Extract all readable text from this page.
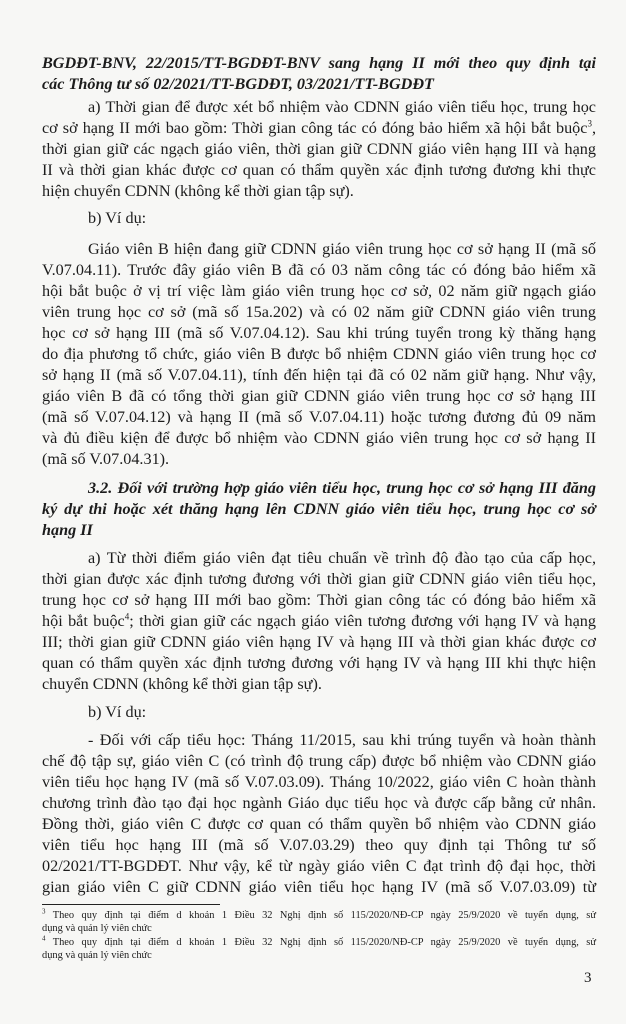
BGDĐT-BNV, 22/2015/TT-BGDĐT-BNV sang hạng II mới theo quy định tại
các Thông tư số 02/2021/TT-BGDĐT, 03/2021/TT-BGDĐT
a) Thời gian để được xét bổ nhiệm vào CDNN giáo viên tiểu học, trung học
cơ sở hạng II mới bao gồm: Thời gian công tác có đóng bảo hiểm xã hội bắt buộc$^3$,
thời gian giữ các ngạch giáo viên, thời gian giữ CDNN giáo viên hạng III và hạng
II và thời gian khác được cơ quan có thẩm quyền xác định tương đương khi thực
hiện chuyển CDNN (không kể thời gian tập sự).
b) Ví dụ:
Giáo viên B hiện đang giữ CDNN giáo viên trung học cơ sở hạng II (mã số
V.07.04.11). Trước đây giáo viên B đã có 03 năm công tác có đóng bảo hiểm xã
hội bắt buộc ở vị trí việc làm giáo viên trung học cơ sở, 02 năm giữ ngạch giáo
viên trung học cơ sở (mã số 15a.202) và có 02 năm giữ CDNN giáo viên trung
học cơ sở hạng III (mã số V.07.04.12). Sau khi trúng tuyển trong kỳ thăng hạng
do địa phương tổ chức, giáo viên B được bổ nhiệm CDNN giáo viên trung học cơ
sở hạng II (mã số V.07.04.11), tính đến hiện tại đã có 02 năm giữ hạng. Như vậy,
giáo viên B đã có tổng thời gian giữ CDNN giáo viên trung học cơ sở hạng III
(mã số V.07.04.12) và hạng II (mã số V.07.04.11) hoặc tương đương đủ 09 năm
và đủ điều kiện để được bổ nhiệm vào CDNN giáo viên trung học cơ sở hạng II
(mã số V.07.04.31).
3.2. Đối với trường hợp giáo viên tiểu học, trung học cơ sở hạng III đăng
ký dự thi hoặc xét thăng hạng lên CDNN giáo viên tiểu học, trung học cơ sở
hạng II
a) Từ thời điểm giáo viên đạt tiêu chuẩn về trình độ đào tạo của cấp học,
thời gian được xác định tương đương với thời gian giữ CDNN giáo viên tiểu học,
trung học cơ sở hạng III mới bao gồm: Thời gian công tác có đóng bảo hiểm xã
hội bắt buộc$^4$; thời gian giữ các ngạch giáo viên tương đương với hạng IV và hạng
III; thời gian giữ CDNN giáo viên hạng IV và hạng III và thời gian khác được cơ
quan có thẩm quyền xác định tương đương với hạng IV và hạng III khi thực hiện
chuyển CDNN (không kể thời gian tập sự).
b) Ví dụ:
- Đối với cấp tiểu học: Tháng 11/2015, sau khi trúng tuyển và hoàn thành
chế độ tập sự, giáo viên C (có trình độ trung cấp) được bổ nhiệm vào CDNN giáo
viên tiểu học hạng IV (mã số V.07.03.09). Tháng 10/2022, giáo viên C hoàn thành
chương trình đào tạo đại học ngành Giáo dục tiểu học và được cấp bằng cử nhân.
Đồng thời, giáo viên C được cơ quan có thẩm quyền bổ nhiệm vào CDNN giáo
viên tiểu học hạng III (mã số V.07.03.29) theo quy định tại Thông tư số
02/2021/TT-BGDĐT. Như vậy, kể từ ngày giáo viên C đạt trình độ đại học, thời
gian giáo viên C giữ CDNN giáo viên tiểu học hạng IV (mã số V.07.03.09) từ
$^3$ Theo quy định tại điểm d khoản 1 Điều 32 Nghị định số 115/2020/NĐ-CP ngày 25/9/2020 về tuyển dụng, sử
dụng và quản lý viên chức
$^4$ Theo quy định tại điểm d khoản 1 Điều 32 Nghị định số 115/2020/NĐ-CP ngày 25/9/2020 về tuyển dụng, sử
dụng và quản lý viên chức
3
